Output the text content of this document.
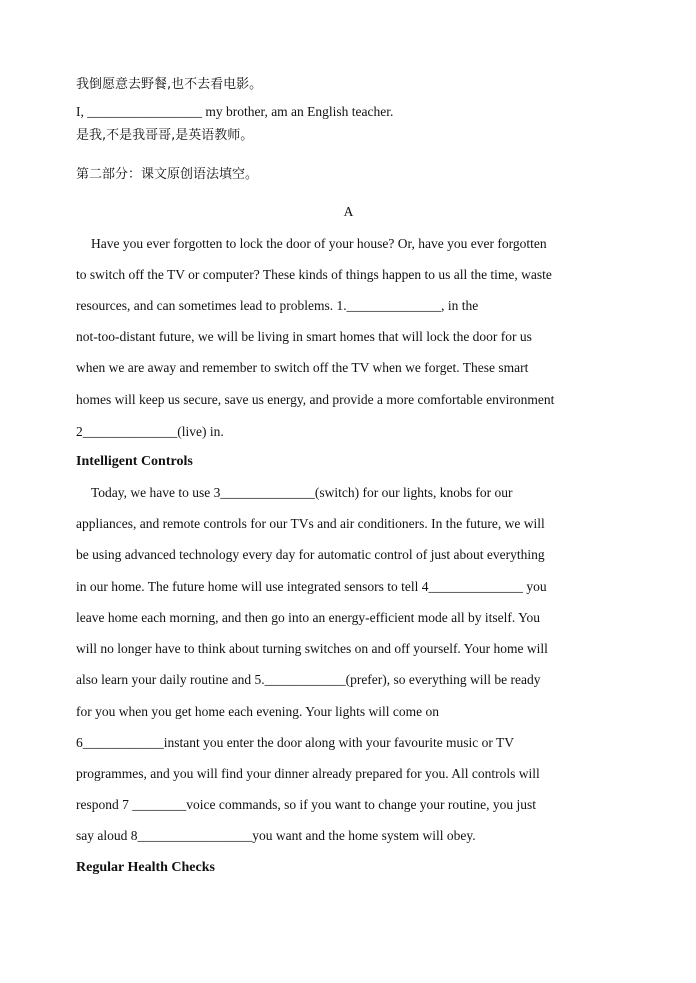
我倒愿意去野餐,也不去看电影。
I, _________________ my brother, am an English teacher.
是我,不是我哥哥,是英语教师。
第二部分：课文原创语法填空。
A
Have you ever forgotten to lock the door of your house? Or, have you ever forgotten
to switch off the TV or computer? These kinds of things happen to us all the time, waste
resources, and can sometimes lead to problems. 1.______________, in the
not-too-distant future, we will be living in smart homes that will lock the door for us
when we are away and remember to switch off the TV when we forget. These smart
homes will keep us secure, save us energy, and provide a more comfortable environment
2______________(live) in.
Intelligent Controls
Today, we have to use 3______________(switch) for our lights, knobs for our
appliances, and remote controls for our TVs and air conditioners. In the future, we will
be using advanced technology every day for automatic control of just about everything
in our home. The future home will use integrated sensors to tell 4______________ you
leave home each morning, and then go into an energy-efficient mode all by itself. You
will no longer have to think about turning switches on and off yourself. Your home will
also learn your daily routine and 5.____________(prefer), so everything will be ready
for you when you get home each evening. Your lights will come on
6____________instant you enter the door along with your favourite music or TV
programmes, and you will find your dinner already prepared for you. All controls will
respond 7 ________voice commands, so if you want to change your routine, you just
say aloud 8_________________you want and the home system will obey.
Regular Health Checks
